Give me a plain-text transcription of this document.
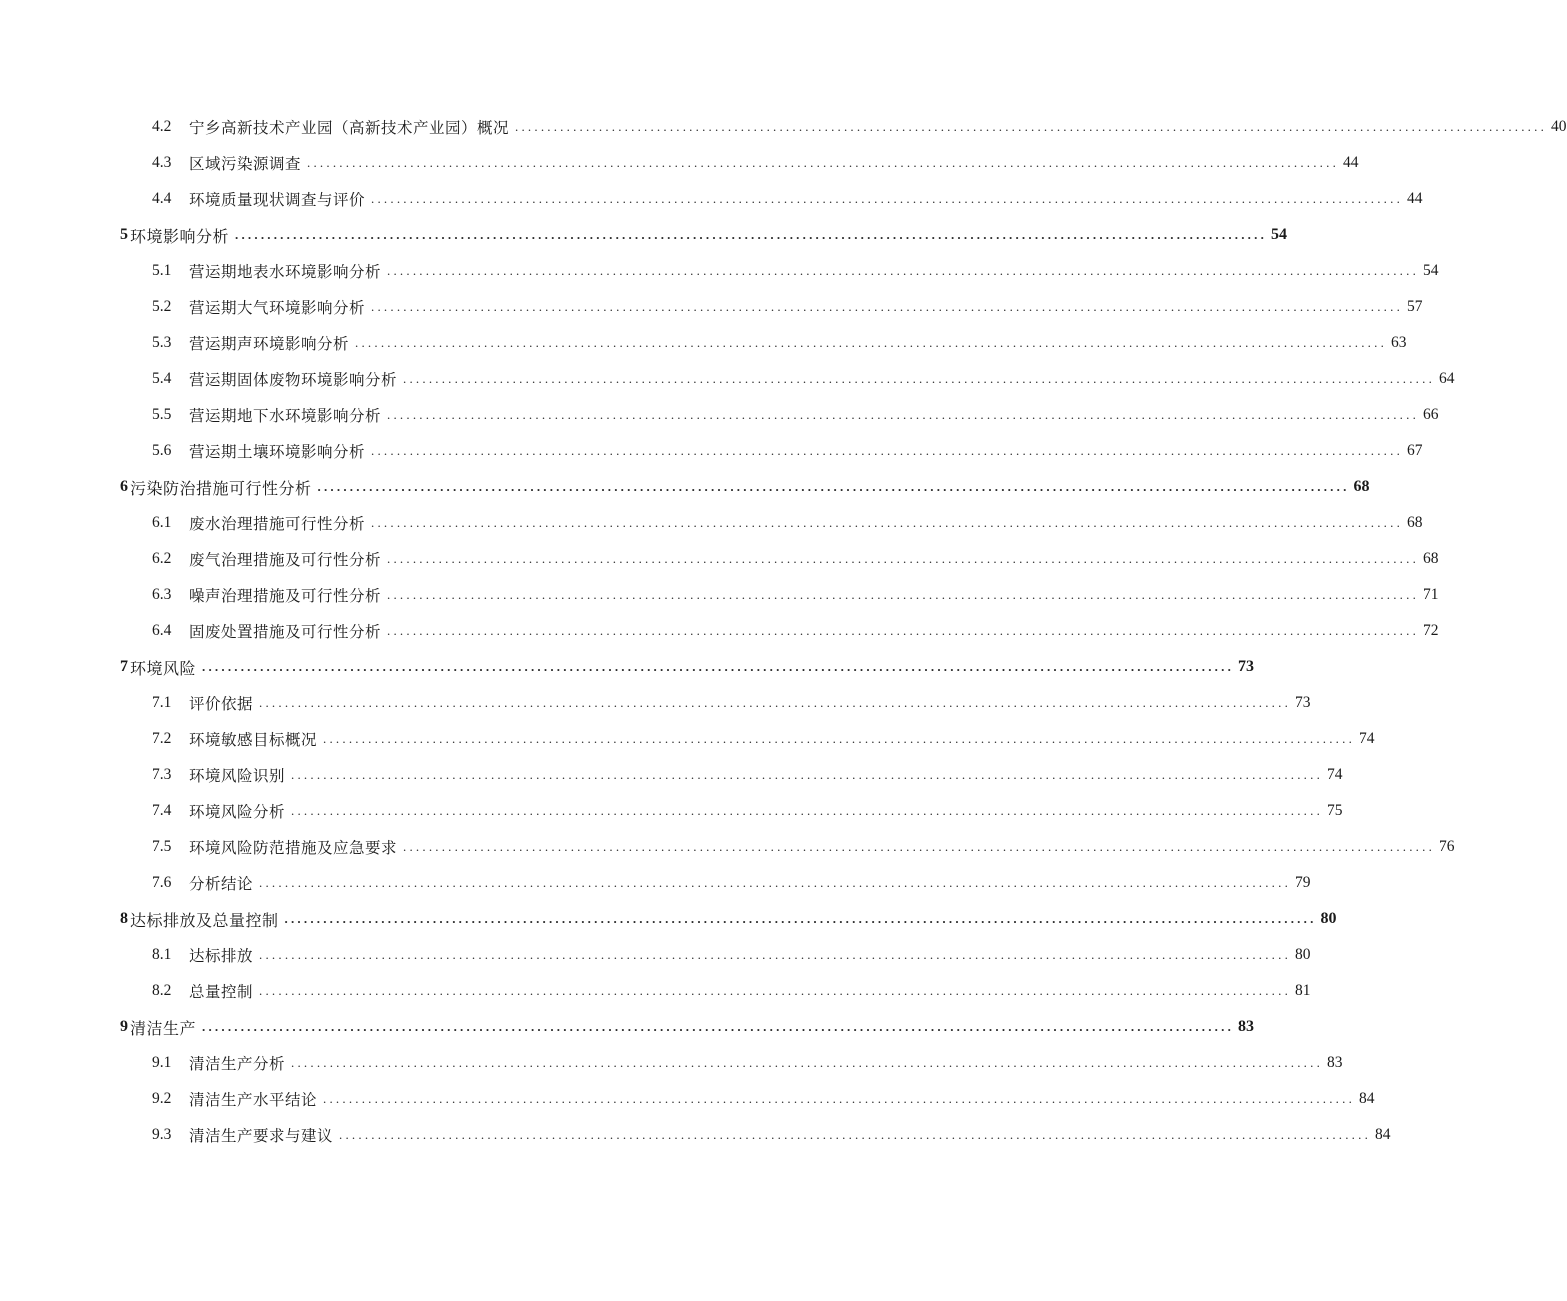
4.2	宁乡高新技术产业园（高新技术产业园）概况 ................................................................................................................................................................ 40
4.3	区域污染源调查 ................................................................................................................................................................ 44
4.4	环境质量现状调查与评价 ................................................................................................................................................................ 44
5 环境影响分析 ................................................................................................................................................................ 54
5.1	营运期地表水环境影响分析 ................................................................................................................................................................ 54
5.2	营运期大气环境影响分析 ................................................................................................................................................................ 57
5.3	营运期声环境影响分析 ................................................................................................................................................................ 63
5.4	营运期固体废物环境影响分析 ................................................................................................................................................................ 64
5.5	营运期地下水环境影响分析 ................................................................................................................................................................ 66
5.6	营运期土壤环境影响分析 ................................................................................................................................................................ 67
6 污染防治措施可行性分析 ................................................................................................................................................................ 68
6.1	废水治理措施可行性分析 ................................................................................................................................................................ 68
6.2	废气治理措施及可行性分析 ................................................................................................................................................................ 68
6.3	噪声治理措施及可行性分析 ................................................................................................................................................................ 71
6.4	固废处置措施及可行性分析 ................................................................................................................................................................ 72
7 环境风险 ................................................................................................................................................................ 73
7.1	评价依据 ................................................................................................................................................................ 73
7.2	环境敏感目标概况 ................................................................................................................................................................ 74
7.3	环境风险识别 ................................................................................................................................................................ 74
7.4	环境风险分析 ................................................................................................................................................................ 75
7.5	环境风险防范措施及应急要求 ................................................................................................................................................................ 76
7.6	分析结论 ................................................................................................................................................................ 79
8 达标排放及总量控制 ................................................................................................................................................................ 80
8.1	达标排放 ................................................................................................................................................................ 80
8.2	总量控制 ................................................................................................................................................................ 81
9 清洁生产 ................................................................................................................................................................ 83
9.1	清洁生产分析 ................................................................................................................................................................ 83
9.2	清洁生产水平结论 ................................................................................................................................................................ 84
9.3	清洁生产要求与建议 ................................................................................................................................................................ 84
